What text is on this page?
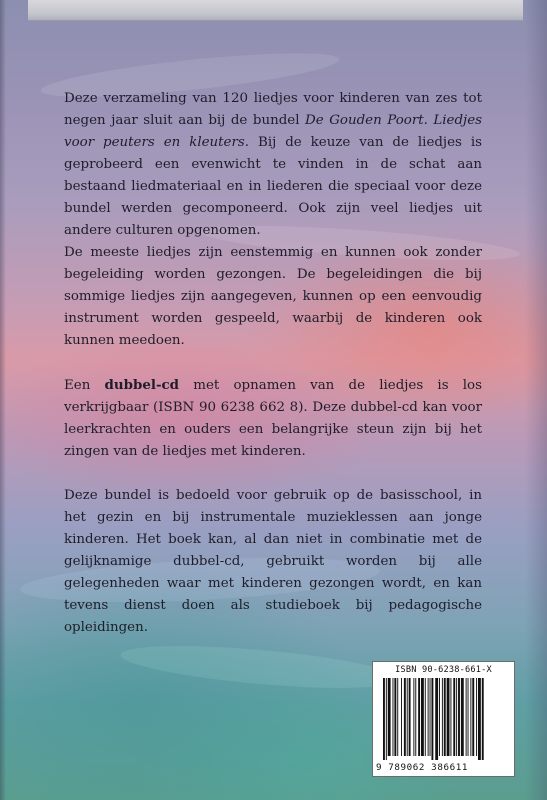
Deze verzameling van 120 liedjes voor kinderen van zes tot negen jaar sluit aan bij de bundel De Gouden Poort. Liedjes voor peuters en kleuters. Bij de keuze van de liedjes is geprobeerd een evenwicht te vinden in de schat aan bestaand liedmateriaal en in liederen die speciaal voor deze bundel werden gecomponeerd. Ook zijn veel liedjes uit andere culturen opgenomen.

De meeste liedjes zijn eenstemmig en kunnen ook zonder begeleiding worden gezongen. De begeleidingen die bij sommige liedjes zijn aangegeven, kunnen op een eenvoudig instrument worden gespeeld, waarbij de kinderen ook kunnen meedoen.

Een dubbel-cd met opnamen van de liedjes is los verkrijgbaar (ISBN 90 6238 662 8). Deze dubbel-cd kan voor leerkrachten en ouders een belangrijke steun zijn bij het zingen van de liedjes met kinderen.

Deze bundel is bedoeld voor gebruik op de basisschool, in het gezin en bij instrumentale muzieklessen aan jonge kinderen. Het boek kan, al dan niet in combinatie met de gelijknamige dubbel-cd, gebruikt worden bij alle gelegenheden waar met kinderen gezongen wordt, en kan tevens dienst doen als studieboek bij pedagogische opleidingen.

ISBN 90-6238-661-X
9 789062 386611
